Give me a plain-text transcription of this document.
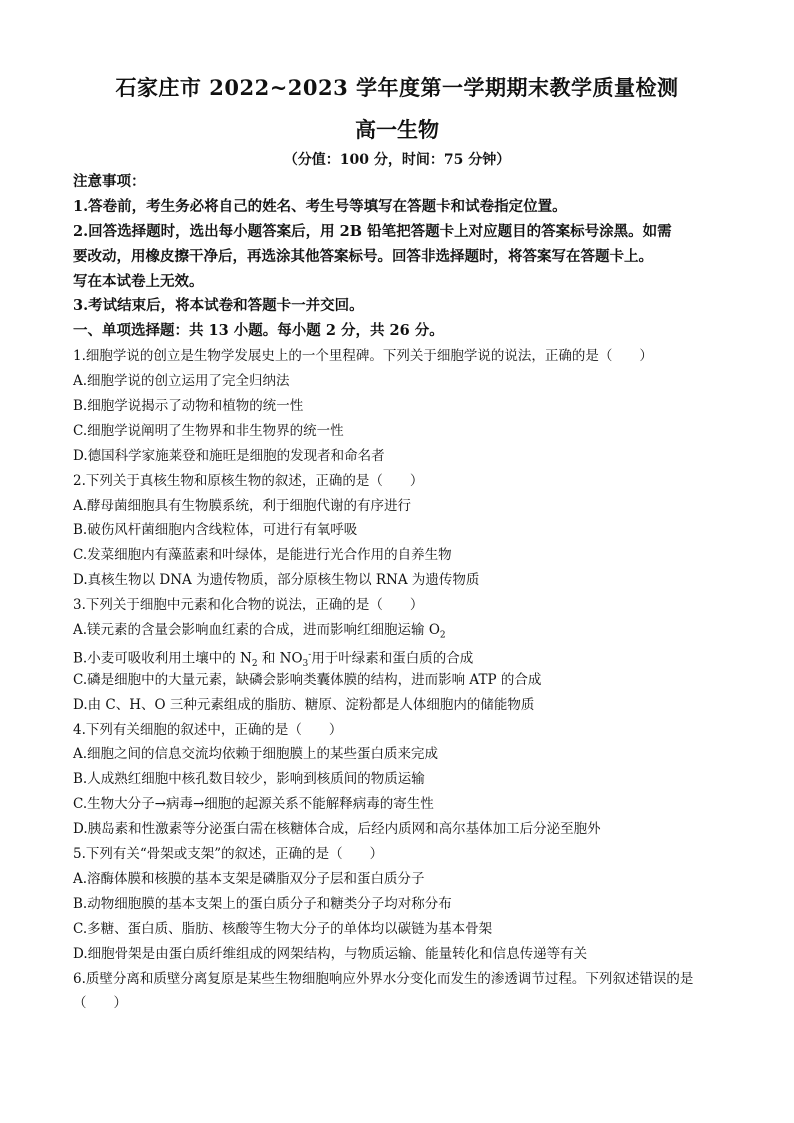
石家庄市 2022~2023 学年度第一学期期末教学质量检测
高一生物
（分值：100 分，时间：75 分钟）
注意事项：
1.答卷前，考生务必将自己的姓名、考生号等填写在答题卡和试卷指定位置。
2.回答选择题时，选出每小题答案后，用 2B 铅笔把答题卡上对应题目的答案标号涂黑。如需
要改动，用橡皮擦干净后，再选涂其他答案标号。回答非选择题时，将答案写在答题卡上。
写在本试卷上无效。
3.考试结束后，将本试卷和答题卡一并交回。
一、单项选择题：共 13 小题。每小题 2 分，共 26 分。
1.细胞学说的创立是生物学发展史上的一个里程碑。下列关于细胞学说的说法，正确的是（　　）
A.细胞学说的创立运用了完全归纳法
B.细胞学说揭示了动物和植物的统一性
C.细胞学说阐明了生物界和非生物界的统一性
D.德国科学家施莱登和施旺是细胞的发现者和命名者
2.下列关于真核生物和原核生物的叙述，正确的是（　　）
A.酵母菌细胞具有生物膜系统，利于细胞代谢的有序进行
B.破伤风杆菌细胞内含线粒体，可进行有氧呼吸
C.发菜细胞内有藻蓝素和叶绿体，是能进行光合作用的自养生物
D.真核生物以 DNA 为遗传物质，部分原核生物以 RNA 为遗传物质
3.下列关于细胞中元素和化合物的说法，正确的是（　　）
A.镁元素的含量会影响血红素的合成，进而影响红细胞运输 $O_2$
B.小麦可吸收利用土壤中的 $N_2$ 和 $NO_3^-$用于叶绿素和蛋白质的合成
C.磷是细胞中的大量元素，缺磷会影响类囊体膜的结构，进而影响 ATP 的合成
D.由 C、H、O 三种元素组成的脂肪、糖原、淀粉都是人体细胞内的储能物质
4.下列有关细胞的叙述中，正确的是（　　）
A.细胞之间的信息交流均依赖于细胞膜上的某些蛋白质来完成
B.人成熟红细胞中核孔数目较少，影响到核质间的物质运输
C.生物大分子→病毒→细胞的起源关系不能解释病毒的寄生性
D.胰岛素和性激素等分泌蛋白需在核糖体合成，后经内质网和高尔基体加工后分泌至胞外
5.下列有关“骨架或支架”的叙述，正确的是（　　）
A.溶酶体膜和核膜的基本支架是磷脂双分子层和蛋白质分子
B.动物细胞膜的基本支架上的蛋白质分子和糖类分子均对称分布
C.多糖、蛋白质、脂肪、核酸等生物大分子的单体均以碳链为基本骨架
D.细胞骨架是由蛋白质纤维组成的网架结构，与物质运输、能量转化和信息传递等有关
6.质壁分离和质壁分离复原是某些生物细胞响应外界水分变化而发生的渗透调节过程。下列叙述错误的是
（　　）
